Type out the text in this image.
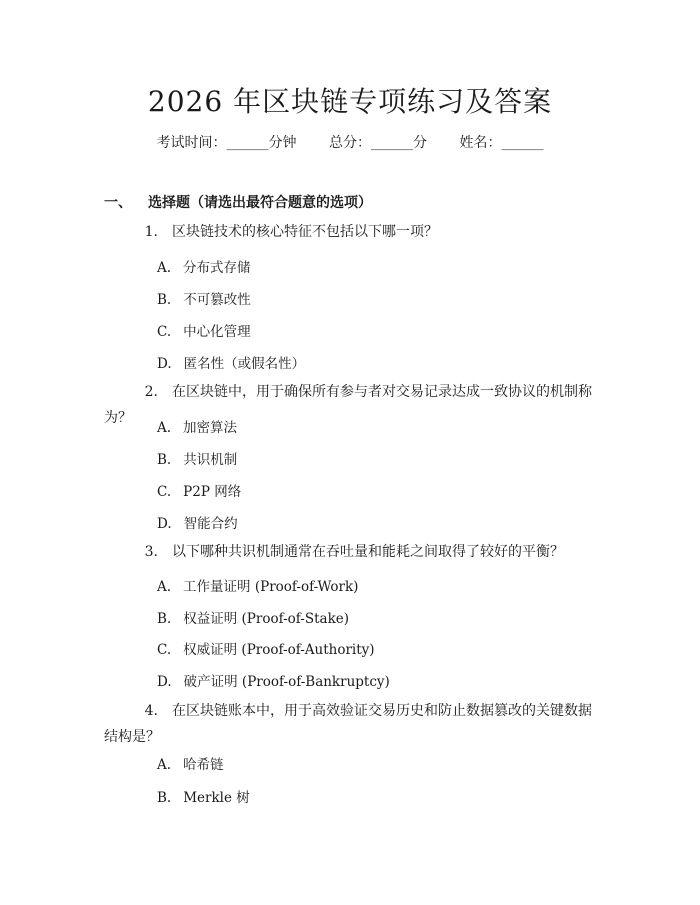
2026 年区块链专项练习及答案
考试时间：______分钟 总分：______分 姓名：______
一、 选择题（请选出最符合题意的选项）
1. 区块链技术的核心特征不包括以下哪一项？
A. 分布式存储
B. 不可篡改性
C. 中心化管理
D. 匿名性（或假名性）
2. 在区块链中，用于确保所有参与者对交易记录达成一致协议的机制称为？
A. 加密算法
B. 共识机制
C. P2P 网络
D. 智能合约
3. 以下哪种共识机制通常在吞吐量和能耗之间取得了较好的平衡？
A. 工作量证明 (Proof-of-Work)
B. 权益证明 (Proof-of-Stake)
C. 权威证明 (Proof-of-Authority)
D. 破产证明 (Proof-of-Bankruptcy)
4. 在区块链账本中，用于高效验证交易历史和防止数据篡改的关键数据结构是？
A. 哈希链
B. Merkle 树
